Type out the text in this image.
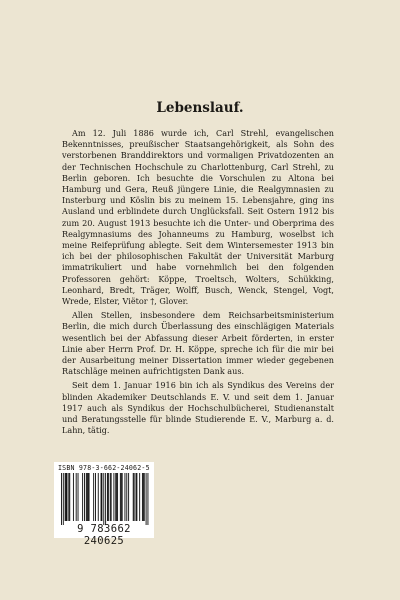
Lebenslauf.

Am 12. Juli 1886 wurde ich, Carl Strehl, evangelischen Bekenntnisses, preußischer Staatsangehörigkeit, als Sohn des verstorbenen Branddirektors und vormaligen Privatdozenten an der Technischen Hochschule zu Charlottenburg, Carl Strehl, zu Berlin geboren. Ich besuchte die Vorschulen zu Altona bei Hamburg und Gera, Reuß jüngere Linie, die Realgymnasien zu Insterburg und Köslin bis zu meinem 15. Lebensjahre, ging ins Ausland und erblindete durch Unglücksfall. Seit Ostern 1912 bis zum 20. August 1913 besuchte ich die Unter- und Oberprima des Realgymnasiums des Johanneums zu Hamburg, woselbst ich meine Reifeprüfung ablegte. Seit dem Wintersemester 1913 bin ich bei der philosophischen Fakultät der Universität Marburg immatrikuliert und habe vornehmlich bei den folgenden Professoren gehört: Köppe, Troeltsch, Wolters, Schükking, Leonhard, Bredt, Träger, Wolff, Busch, Wenck, Stengel, Vogt, Wrede, Elster, Viëtor †, Glover.

Allen Stellen, insbesondere dem Reichsarbeitsministerium Berlin, die mich durch Überlassung des einschlägigen Materials wesentlich bei der Abfassung dieser Arbeit förderten, in erster Linie aber Herrn Prof. Dr. H. Köppe, spreche ich für die mir bei der Ausarbeitung meiner Dissertation immer wieder gegebenen Ratschläge meinen aufrichtigsten Dank aus.

Seit dem 1. Januar 1916 bin ich als Syndikus des Vereins der blinden Akademiker Deutschlands E. V. und seit dem 1. Januar 1917 auch als Syndikus der Hochschulbücherei, Studienanstalt und Beratungsstelle für blinde Studierende E. V., Marburg a. d. Lahn, tätig.

ISBN 978-3-662-24062-5
9 783662 240625
